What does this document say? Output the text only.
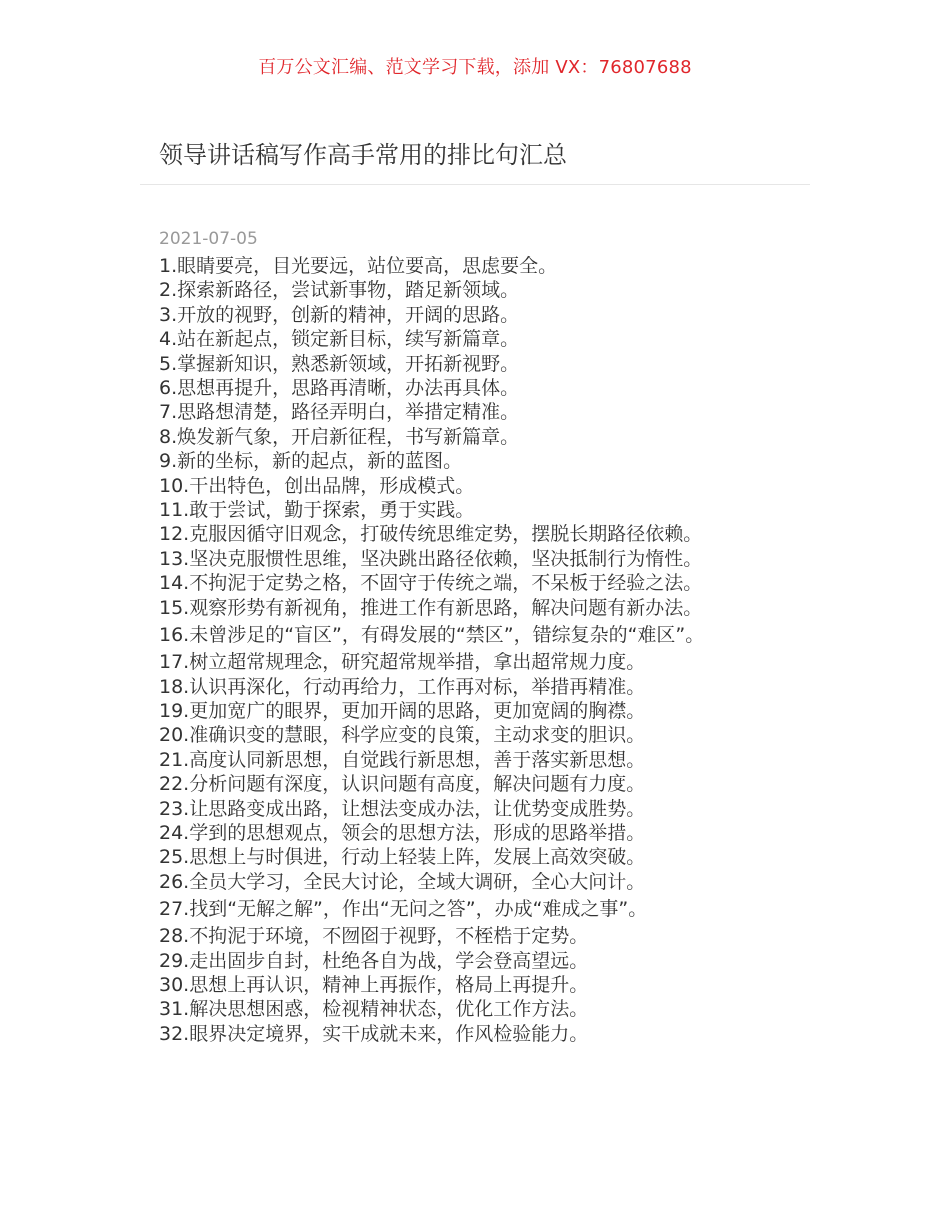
百万公文汇编、范文学习下载，添加 VX：76807688
领导讲话稿写作高手常用的排比句汇总
2021-07-05
1.眼睛要亮，目光要远，站位要高，思虑要全。
2.探索新路径，尝试新事物，踏足新领域。
3.开放的视野，创新的精神，开阔的思路。
4.站在新起点，锁定新目标，续写新篇章。
5.掌握新知识，熟悉新领域，开拓新视野。
6.思想再提升，思路再清晰，办法再具体。
7.思路想清楚，路径弄明白，举措定精准。
8.焕发新气象，开启新征程，书写新篇章。
9.新的坐标，新的起点，新的蓝图。
10.干出特色，创出品牌，形成模式。
11.敢于尝试，勤于探索，勇于实践。
12.克服因循守旧观念，打破传统思维定势，摆脱长期路径依赖。
13.坚决克服惯性思维，坚决跳出路径依赖，坚决抵制行为惰性。
14.不拘泥于定势之格，不固守于传统之端，不呆板于经验之法。
15.观察形势有新视角，推进工作有新思路，解决问题有新办法。
16.未曾涉足的“盲区”，有碍发展的“禁区”，错综复杂的“难区”。
17.树立超常规理念，研究超常规举措，拿出超常规力度。
18.认识再深化，行动再给力，工作再对标，举措再精准。
19.更加宽广的眼界，更加开阔的思路，更加宽阔的胸襟。
20.准确识变的慧眼，科学应变的良策，主动求变的胆识。
21.高度认同新思想，自觉践行新思想，善于落实新思想。
22.分析问题有深度，认识问题有高度，解决问题有力度。
23.让思路变成出路，让想法变成办法，让优势变成胜势。
24.学到的思想观点，领会的思想方法，形成的思路举措。
25.思想上与时俱进，行动上轻装上阵，发展上高效突破。
26.全员大学习，全民大讨论，全域大调研，全心大问计。
27.找到“无解之解”，作出“无问之答”，办成“难成之事”。
28.不拘泥于环境，不囫囵于视野，不桎梏于定势。
29.走出固步自封，杜绝各自为战，学会登高望远。
30.思想上再认识，精神上再振作，格局上再提升。
31.解决思想困惑，检视精神状态，优化工作方法。
32.眼界决定境界，实干成就未来，作风检验能力。
